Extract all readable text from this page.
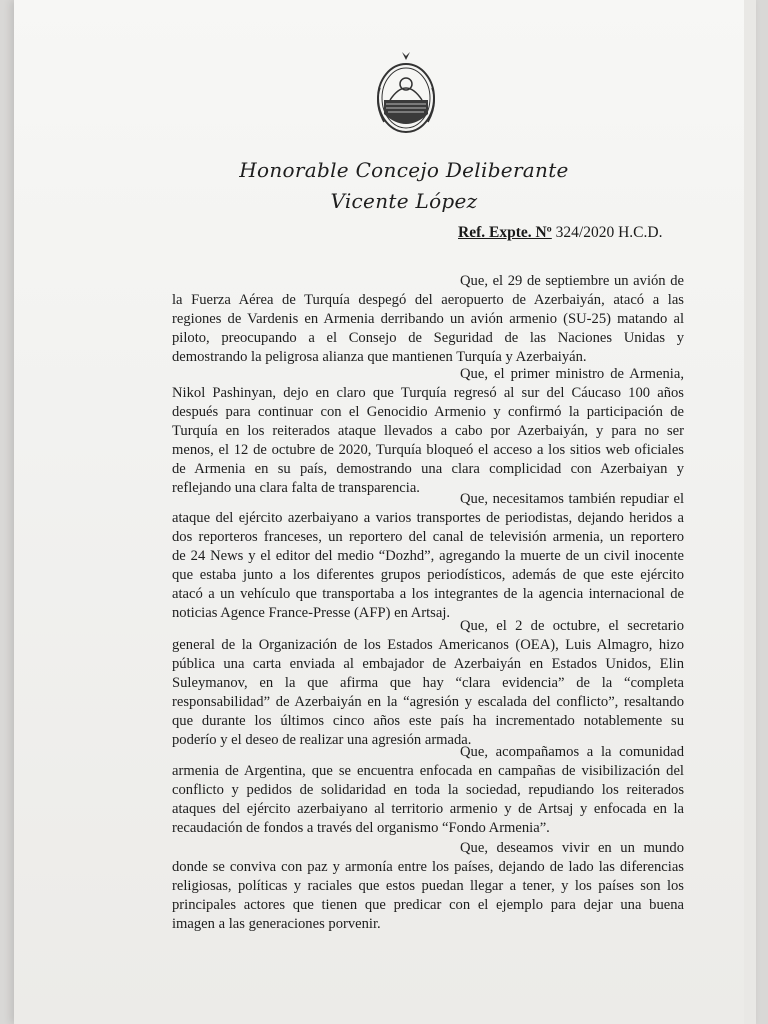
Honorable Concejo Deliberante
Vicente López
Ref. Expte. Nº 324/2020 H.C.D.
Que, el 29 de septiembre un avión de
la Fuerza Aérea de Turquía despegó del aeropuerto de Azerbaiyán, atacó a las
regiones de Vardenis en Armenia derribando un avión armenio (SU-25) matando al
piloto, preocupando a el Consejo de Seguridad de las Naciones Unidas y
demostrando la peligrosa alianza que mantienen Turquía y Azerbaiyán.
Que, el primer ministro de Armenia,
Nikol Pashinyan, dejo en claro que Turquía regresó al sur del Cáucaso 100 años
después para continuar con el Genocidio Armenio y confirmó la participación de
Turquía en los reiterados ataque llevados a cabo por Azerbaiyán, y para no ser
menos, el 12 de octubre de 2020, Turquía bloqueó el acceso a los sitios web oficiales
de Armenia en su país, demostrando una clara complicidad con Azerbaiyan y
reflejando una clara falta de transparencia.
Que, necesitamos también repudiar el
ataque del ejército azerbaiyano a varios transportes de periodistas, dejando heridos a
dos reporteros franceses, un reportero del canal de televisión armenia, un reportero
de 24 News y el editor del medio “Dozhd”, agregando la muerte de un civil inocente
que estaba junto a los diferentes grupos periodísticos, además de que este ejército
atacó a un vehículo que transportaba a los integrantes de la agencia internacional de
noticias Agence France-Presse (AFP) en Artsaj.
Que, el 2 de octubre, el secretario
general de la Organización de los Estados Americanos (OEA), Luis Almagro, hizo
pública una carta enviada al embajador de Azerbaiyán en Estados Unidos, Elin
Suleymanov, en la que afirma que hay “clara evidencia” de la “completa
responsabilidad” de Azerbaiyán en la “agresión y escalada del conflicto”, resaltando
que durante los últimos cinco años este país ha incrementado notablemente su
poderío y el deseo de realizar una agresión armada.
Que, acompañamos a la comunidad
armenia de Argentina, que se encuentra enfocada en campañas de visibilización del
conflicto y pedidos de solidaridad en toda la sociedad, repudiando los reiterados
ataques del ejército azerbaiyano al territorio armenio y de Artsaj y enfocada en la
recaudación de fondos a través del organismo “Fondo Armenia”.
Que, deseamos vivir en un mundo
donde se conviva con paz y armonía entre los países, dejando de lado las diferencias
religiosas, políticas y raciales que estos puedan llegar a tener, y los países son los
principales actores que tienen que predicar con el ejemplo para dejar una buena
imagen a las generaciones porvenir.
